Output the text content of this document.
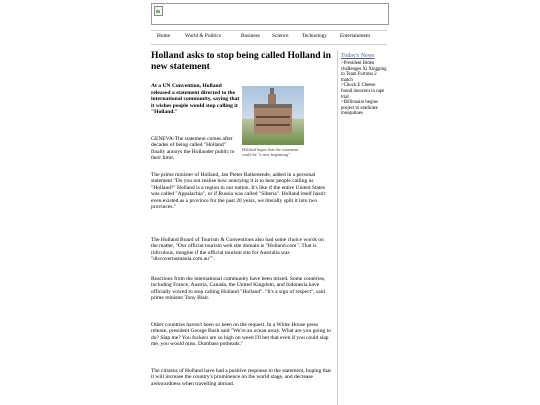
Home	World & Politics	Business Science	Technology Entertainment
Holland asks to stop being called Holland in new statement
At a UN Convention, Holland released a statement directed to the international community, saying that it wishes people would stop calling it "Holland."
GENEVA-The statement comes after decades of being called "Holland" finally annoys the Hollander public to their limit.
Holland hopes that the statement could be "a new beginning"

The prime minister of Holland, Jan Pieter Balkenende, added in a personal statement "Do you not realise how annoying it is to hear people calling us "Holland?" Holland is a region in our nation. It's like if the entire United States was called "Appalachia", or if Russia was called "Siberia". Holland itself hasn't even existed as a province for the past 20 years, we literally split it into two provinces."

The Holland Board of Tourism & Conventions also had some choice words on the matter, "Our official tourism web site domain is "Holland.com". That is ridiculous, imagine if the official tourism site for Australia was "discovertasmania.com.au"".

Reactions from the international community have been mixed. Some countries, including France, Austria, Canada, the United Kingdom, and Indonesia have officially vowed to stop calling Holland "Holland". "It's a sign of respect", said prime minister Tony Blair.

Other countries haven't been so keen on the request. In a White House press release, president George Bush said "We're an ocean away. What are you going to do? Slap me? You fuckers are so high on weed I'll bet that even if you could slap me, you would miss. Dumbass potheads."

The citizens of Holland have had a positive response to the statement, hoping that it will increase the country's prominence on the world stage, and decrease awkwardness when travelling abroad.

Today's News
>President Biden challenges Xi Xingping to Team Fortress 2 match
>Chuck E Cheese found innocent in rape trial
>Billionaire begins project to eradicate mosquitoes
